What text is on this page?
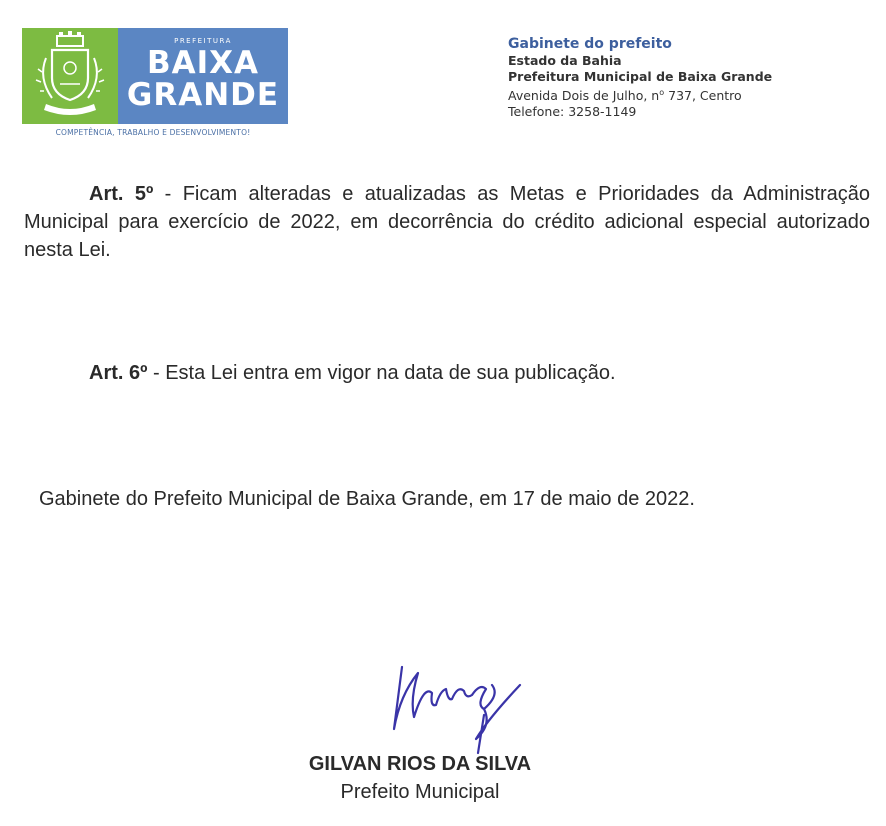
PREFEITURA
BAIXA
GRANDE
COMPETÊNCIA, TRABALHO E DESENVOLVIMENTO!
Gabinete do prefeito
Estado da Bahia
Prefeitura Municipal de Baixa Grande
Avenida Dois de Julho, $n^o$ 737, Centro
Telefone: 3258-1149
Art. 5º - Ficam alteradas e atualizadas as Metas e Prioridades da Administração Municipal para exercício de 2022, em decorrência do crédito adicional especial autorizado nesta Lei.
Art. 6º - Esta Lei entra em vigor na data de sua publicação.
Gabinete do Prefeito Municipal de Baixa Grande, em 17 de maio de 2022.
GILVAN RIOS DA SILVA
Prefeito Municipal
